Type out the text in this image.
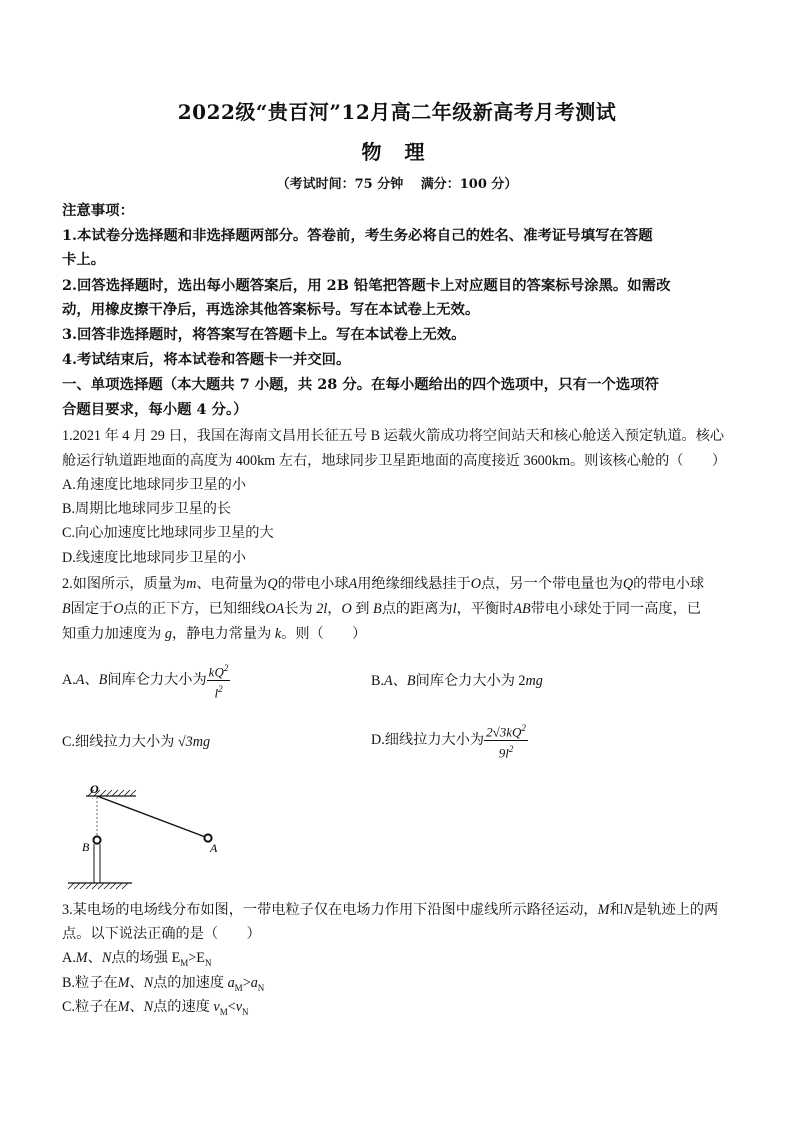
2022级“贵百河”12月高二年级新高考月考测试
物 理
（考试时间：75 分钟　 满分：100 分）
注意事项：
1.本试卷分选择题和非选择题两部分。答卷前，考生务必将自己的姓名、准考证号填写在答题
卡上。
2.回答选择题时，选出每小题答案后，用 2B 铅笔把答题卡上对应题目的答案标号涂黑。如需改
动，用橡皮擦干净后，再选涂其他答案标号。写在本试卷上无效。
3.回答非选择题时，将答案写在答题卡上。写在本试卷上无效。
4.考试结束后，将本试卷和答题卡一并交回。
一、单项选择题（本大题共 7 小题，共 28 分。在每小题给出的四个选项中，只有一个选项符
合题目要求，每小题 4 分。）
1.2021 年 4 月 29 日，我国在海南文昌用长征五号 B 运载火箭成功将空间站天和核心舱送入预定轨道。核心
舱运行轨道距地面的高度为 400km 左右，地球同步卫星距地面的高度接近 3600km。则该核心舱的（　　）
A.角速度比地球同步卫星的小
B.周期比地球同步卫星的长
C.向心加速度比地球同步卫星的大
D.线速度比地球同步卫星的小
2.如图所示，质量为m、电荷量为Q的带电小球A用绝缘细线悬挂于O点，另一个带电量也为Q的带电小球
B固定于O点的正下方，已知细线OA长为 2l，O 到 B点的距离为l，平衡时AB带电小球处于同一高度，已
知重力加速度为 g，静电力常量为 k。则（　　）
A.A、B间库仑力大小为 $\frac{kQ^2}{l^2}$	B.A、B间库仑力大小为 2mg
C.细线拉力大小为 √3mg	D.细线拉力大小为 $\frac{2√3kQ^2}{9l^2}$
O
A
B
3.某电场的电场线分布如图，一带电粒子仅在电场力作用下沿图中虚线所示路径运动，M和N是轨迹上的两
点。以下说法正确的是（　　）
A.M、N点的场强 $E_M>E_N$
B.粒子在M、N点的加速度 $a_M>a_N$
C.粒子在M、N点的速度 $v_M<v_N$
